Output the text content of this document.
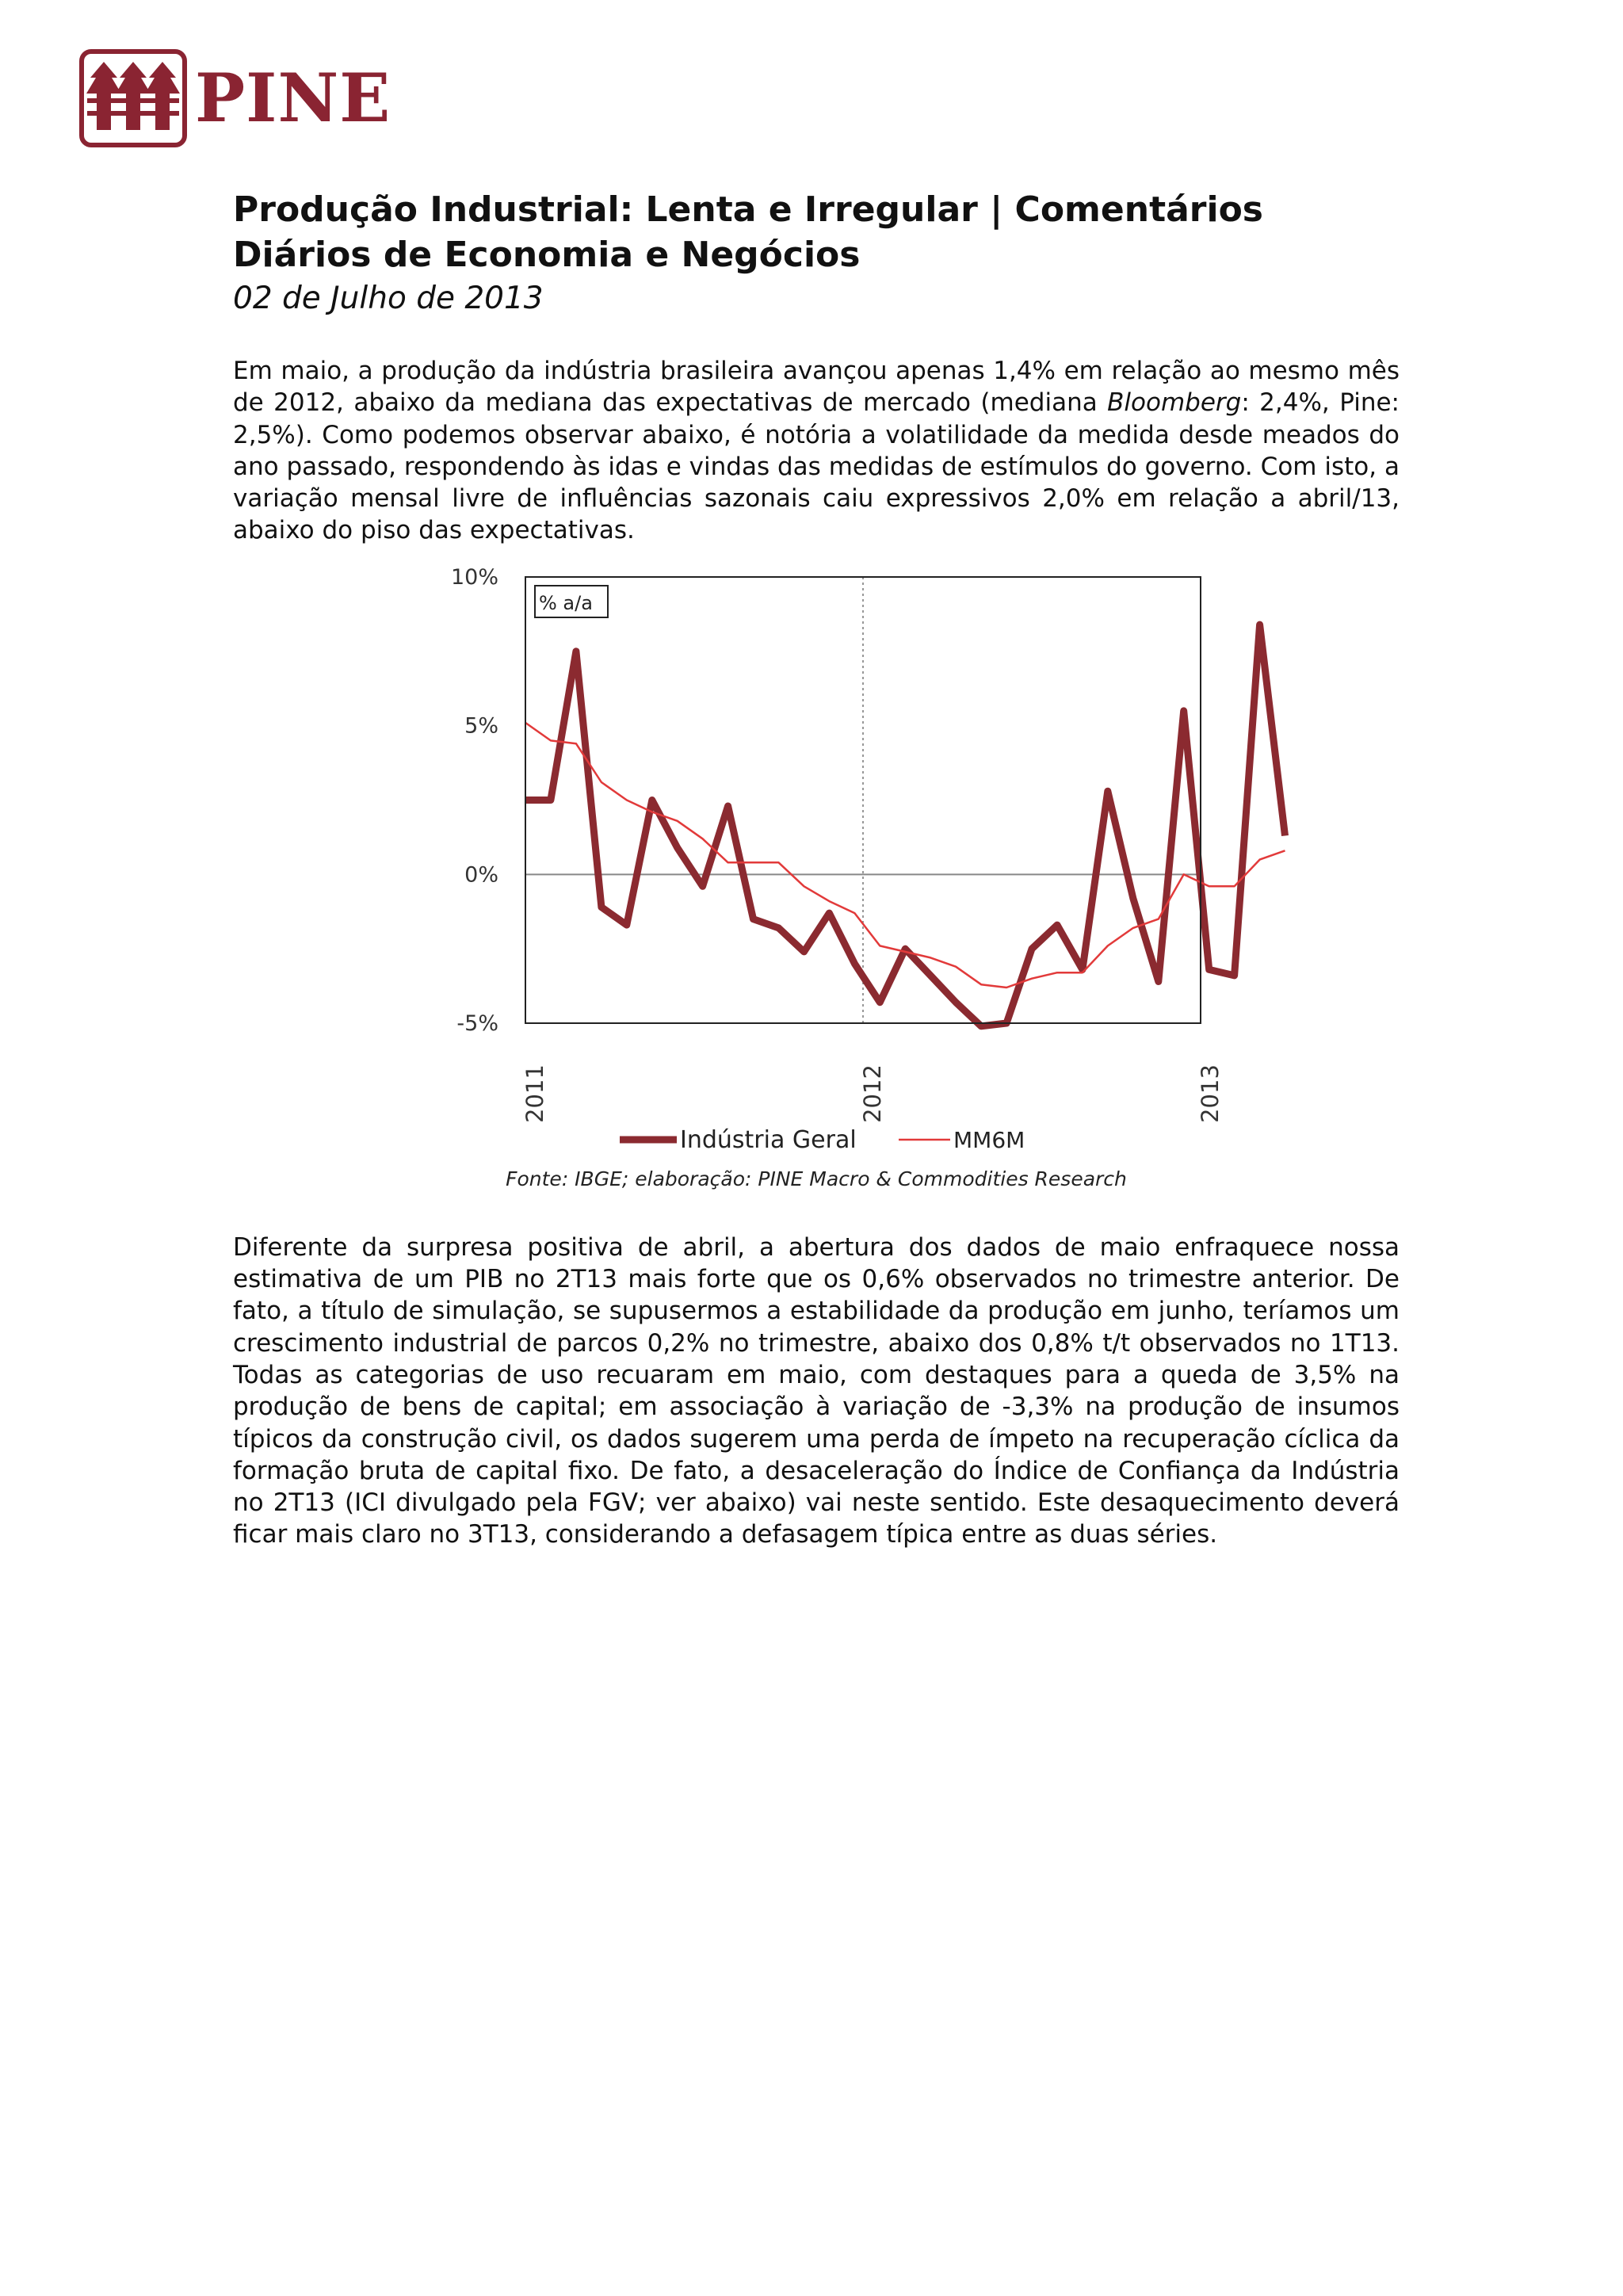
PINE
Produção Industrial: Lenta e Irregular | Comentários Diários de Economia e Negócios
02 de Julho de 2013

Em maio, a produção da indústria brasileira avançou apenas 1,4% em relação ao mesmo mês de 2012, abaixo da mediana das expectativas de mercado (mediana Bloomberg: 2,4%, Pine: 2,5%). Como podemos observar abaixo, é notória a volatilidade da medida desde meados do ano passado, respondendo às idas e vindas das medidas de estímulos do governo. Com isto, a variação mensal livre de influências sazonais caiu expressivos 2,0% em relação a abril/13, abaixo do piso das expectativas.

% a/a
10%
5%
0%
-5%
2011	2012	2013
Indústria Geral	MM6M
Fonte: IBGE; elaboração: PINE Macro & Commodities Research

Diferente da surpresa positiva de abril, a abertura dos dados de maio enfraquece nossa estimativa de um PIB no 2T13 mais forte que os 0,6% observados no trimestre anterior. De fato, a título de simulação, se supusermos a estabilidade da produção em junho, teríamos um crescimento industrial de parcos 0,2% no trimestre, abaixo dos 0,8% t/t observados no 1T13. Todas as categorias de uso recuaram em maio, com destaques para a queda de 3,5% na produção de bens de capital; em associação à variação de -3,3% na produção de insumos típicos da construção civil, os dados sugerem uma perda de ímpeto na recuperação cíclica da formação bruta de capital fixo. De fato, a desaceleração do Índice de Confiança da Indústria no 2T13 (ICI divulgado pela FGV; ver abaixo) vai neste sentido. Este desaquecimento deverá ficar mais claro no 3T13, considerando a defasagem típica entre as duas séries.
